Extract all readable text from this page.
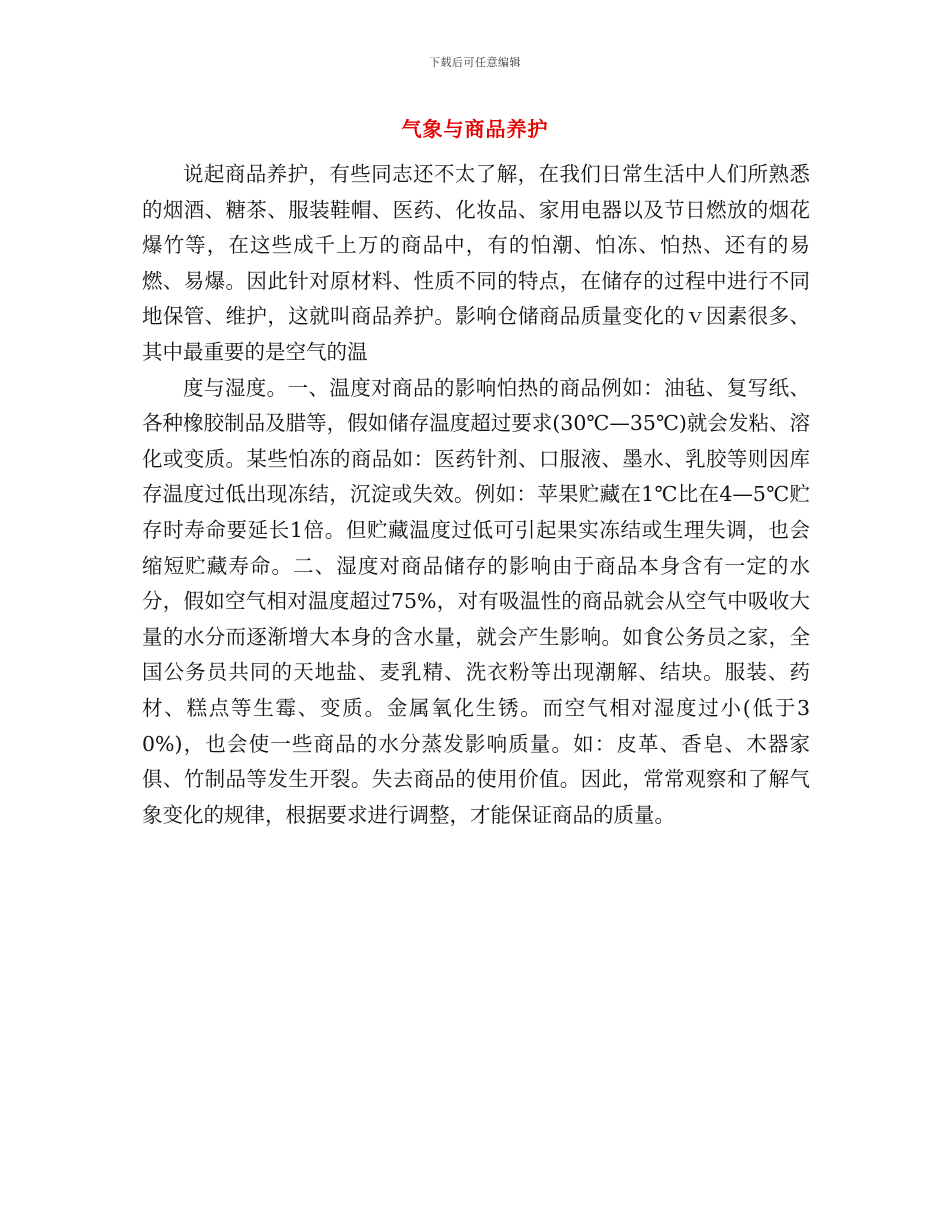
下载后可任意编辑
气象与商品养护

说起商品养护，有些同志还不太了解，在我们日常生活中人们所熟悉的烟酒、糖茶、服装鞋帽、医药、化妆品、家用电器以及节日燃放的烟花爆竹等，在这些成千上万的商品中，有的怕潮、怕冻、怕热、还有的易燃、易爆。因此针对原材料、性质不同的特点，在储存的过程中进行不同地保管、维护，这就叫商品养护。影响仓储商品质量变化的ｖ因素很多、其中最重要的是空气的温

度与湿度。一、温度对商品的影响怕热的商品例如：油毡、复写纸、各种橡胶制品及腊等，假如储存温度超过要求(30℃—35℃)就会发粘、溶化或变质。某些怕冻的商品如：医药针剂、口服液、墨水、乳胶等则因库存温度过低出现冻结，沉淀或失效。例如：苹果贮藏在1℃比在4—5℃贮存时寿命要延长1倍。但贮藏温度过低可引起果实冻结或生理失调，也会缩短贮藏寿命。二、湿度对商品储存的影响由于商品本身含有一定的水分，假如空气相对温度超过75%，对有吸温性的商品就会从空气中吸收大量的水分而逐渐增大本身的含水量，就会产生影响。如食公务员之家，全国公务员共同的天地盐、麦乳精、洗衣粉等出现潮解、结块。服装、药材、糕点等生霉、变质。金属氧化生锈。而空气相对湿度过小(低于30%)，也会使一些商品的水分蒸发影响质量。如：皮革、香皂、木器家俱、竹制品等发生开裂。失去商品的使用价值。因此，常常观察和了解气象变化的规律，根据要求进行调整，才能保证商品的质量。
